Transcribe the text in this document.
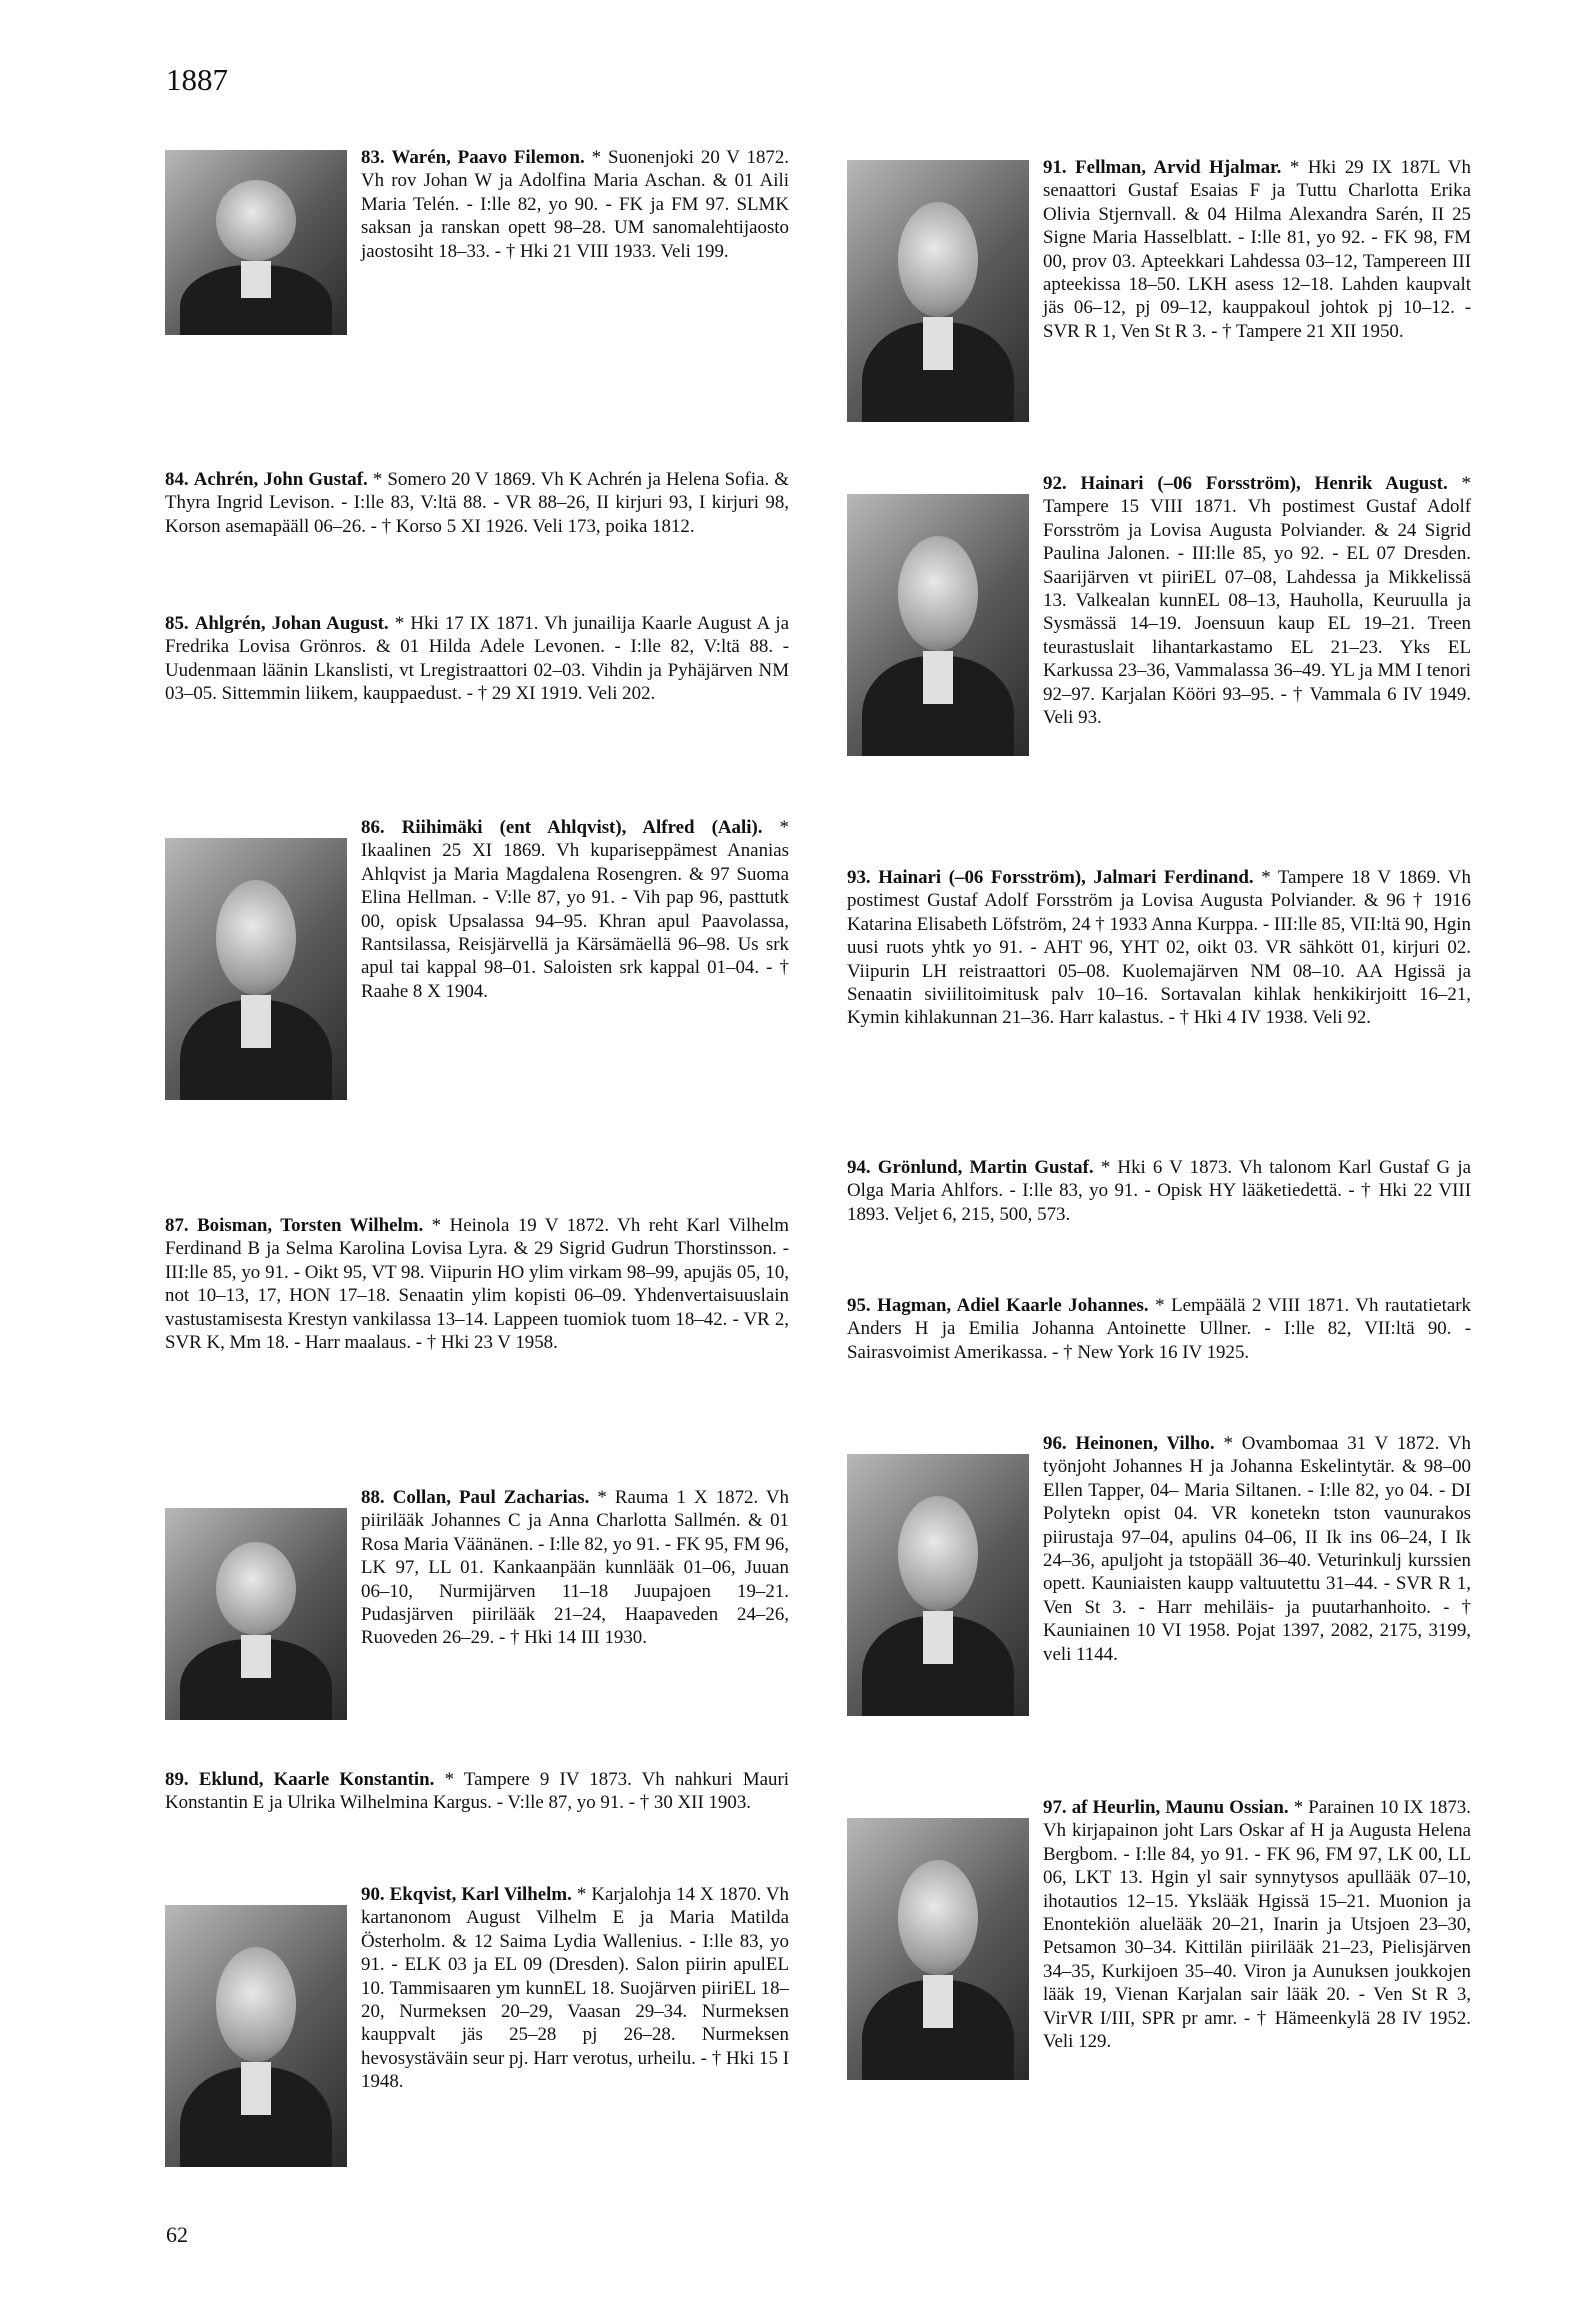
1887
83. Warén, Paavo Filemon. * Suonenjoki 20 V 1872. Vh rov Johan W ja Adolfina Maria Aschan. & 01 Aili Maria Telén. - I:lle 82, yo 90. - FK ja FM 97. SLMK saksan ja ranskan opett 98–28. UM sanomalehtijaosto jaostosiht 18–33. - † Hki 21 VIII 1933. Veli 199.
84. Achrén, John Gustaf. * Somero 20 V 1869. Vh K Achrén ja Helena Sofia. & Thyra Ingrid Levison. - I:lle 83, V:ltä 88. - VR 88–26, II kirjuri 93, I kirjuri 98, Korson asemapääll 06–26. - † Korso 5 XI 1926. Veli 173, poika 1812.
85. Ahlgrén, Johan August. * Hki 17 IX 1871. Vh junailija Kaarle August A ja Fredrika Lovisa Grönros. & 01 Hilda Adele Levonen. - I:lle 82, V:ltä 88. - Uudenmaan läänin Lkanslisti, vt Lregistraattori 02–03. Vihdin ja Pyhäjärven NM 03–05. Sittemmin liikem, kauppaedust. - † 29 XI 1919. Veli 202.
86. Riihimäki (ent Ahlqvist), Alfred (Aali). * Ikaalinen 25 XI 1869. Vh kupariseppämest Ananias Ahlqvist ja Maria Magdalena Rosengren. & 97 Suoma Elina Hellman. - V:lle 87, yo 91. - Vih pap 96, pasttutk 00, opisk Upsalassa 94–95. Khran apul Paavolassa, Rantsilassa, Reisjärvellä ja Kärsämäellä 96–98. Us srk apul tai kappal 98–01. Saloisten srk kappal 01–04. - † Raahe 8 X 1904.
87. Boisman, Torsten Wilhelm. * Heinola 19 V 1872. Vh reht Karl Vilhelm Ferdinand B ja Selma Karolina Lovisa Lyra. & 29 Sigrid Gudrun Thorstinsson. - III:lle 85, yo 91. - Oikt 95, VT 98. Viipurin HO ylim virkam 98–99, apujäs 05, 10, not 10–13, 17, HON 17–18. Senaatin ylim kopisti 06–09. Yhdenvertaisuuslain vastustamisesta Krestyn vankilassa 13–14. Lappeen tuomiok tuom 18–42. - VR 2, SVR K, Mm 18. - Harr maalaus. - † Hki 23 V 1958.
88. Collan, Paul Zacharias. * Rauma 1 X 1872. Vh piirilääk Johannes C ja Anna Charlotta Sallmén. & 01 Rosa Maria Väänänen. - I:lle 82, yo 91. - FK 95, FM 96, LK 97, LL 01. Kankaanpään kunnlääk 01–06, Juuan 06–10, Nurmijärven 11–18 Juupajoen 19–21. Pudasjärven piirilääk 21–24, Haapaveden 24–26, Ruoveden 26–29. - † Hki 14 III 1930.
89. Eklund, Kaarle Konstantin. * Tampere 9 IV 1873. Vh nahkuri Mauri Konstantin E ja Ulrika Wilhelmina Kargus. - V:lle 87, yo 91. - † 30 XII 1903.
90. Ekqvist, Karl Vilhelm. * Karjalohja 14 X 1870. Vh kartanonom August Vilhelm E ja Maria Matilda Österholm. & 12 Saima Lydia Wallenius. - I:lle 83, yo 91. - ELK 03 ja EL 09 (Dresden). Salon piirin apulEL 10. Tammisaaren ym kunnEL 18. Suojärven piiriEL 18–20, Nurmeksen 20–29, Vaasan 29–34. Nurmeksen kauppvalt jäs 25–28 pj 26–28. Nurmeksen hevosystäväin seur pj. Harr verotus, urheilu. - † Hki 15 I 1948.
91. Fellman, Arvid Hjalmar. * Hki 29 IX 187L Vh senaattori Gustaf Esaias F ja Tuttu Charlotta Erika Olivia Stjernvall. & 04 Hilma Alexandra Sarén, II 25 Signe Maria Hasselblatt. - I:lle 81, yo 92. - FK 98, FM 00, prov 03. Apteekkari Lahdessa 03–12, Tampereen III apteekissa 18–50. LKH asess 12–18. Lahden kaupvalt jäs 06–12, pj 09–12, kauppakoul johtok pj 10–12. - SVR R 1, Ven St R 3. - † Tampere 21 XII 1950.
92. Hainari (–06 Forsström), Henrik August. * Tampere 15 VIII 1871. Vh postimest Gustaf Adolf Forsström ja Lovisa Augusta Polviander. & 24 Sigrid Paulina Jalonen. - III:lle 85, yo 92. - EL 07 Dresden. Saarijärven vt piiriEL 07–08, Lahdessa ja Mikkelissä 13. Valkealan kunnEL 08–13, Hauholla, Keuruulla ja Sysmässä 14–19. Joensuun kaup EL 19–21. Treen teurastuslait lihantarkastamo EL 21–23. Yks EL Karkussa 23–36, Vammalassa 36–49. YL ja MM I tenori 92–97. Karjalan Kööri 93–95. - † Vammala 6 IV 1949. Veli 93.
93. Hainari (–06 Forsström), Jalmari Ferdinand. * Tampere 18 V 1869. Vh postimest Gustaf Adolf Forsström ja Lovisa Augusta Polviander. & 96 † 1916 Katarina Elisabeth Löfström, 24 † 1933 Anna Kurppa. - III:lle 85, VII:ltä 90, Hgin uusi ruots yhtk yo 91. - AHT 96, YHT 02, oikt 03. VR sähkött 01, kirjuri 02. Viipurin LH reistraattori 05–08. Kuolemajärven NM 08–10. AA Hgissä ja Senaatin siviilitoimitusk palv 10–16. Sortavalan kihlak henkikirjoitt 16–21, Kymin kihlakunnan 21–36. Harr kalastus. - † Hki 4 IV 1938. Veli 92.
94. Grönlund, Martin Gustaf. * Hki 6 V 1873. Vh talonom Karl Gustaf G ja Olga Maria Ahlfors. - I:lle 83, yo 91. - Opisk HY lääketiedettä. - † Hki 22 VIII 1893. Veljet 6, 215, 500, 573.
95. Hagman, Adiel Kaarle Johannes. * Lempäälä 2 VIII 1871. Vh rautatietark Anders H ja Emilia Johanna Antoinette Ullner. - I:lle 82, VII:ltä 90. - Sairasvoimist Amerikassa. - † New York 16 IV 1925.
96. Heinonen, Vilho. * Ovambomaa 31 V 1872. Vh työnjoht Johannes H ja Johanna Eskelintytär. & 98–00 Ellen Tapper, 04– Maria Siltanen. - I:lle 82, yo 04. - DI Polytekn opist 04. VR konetekn tston vaunurakos piirustaja 97–04, apulins 04–06, II Ik ins 06–24, I Ik 24–36, apuljoht ja tstopääll 36–40. Veturinkulj kurssien opett. Kauniaisten kaupp valtuutettu 31–44. - SVR R 1, Ven St 3. - Harr mehiläis- ja puutarhanhoito. - † Kauniainen 10 VI 1958. Pojat 1397, 2082, 2175, 3199, veli 1144.
97. af Heurlin, Maunu Ossian. * Parainen 10 IX 1873. Vh kirjapainon joht Lars Oskar af H ja Augusta Helena Bergbom. - I:lle 84, yo 91. - FK 96, FM 97, LK 00, LL 06, LKT 13. Hgin yl sair synnytysos apullääk 07–10, ihotautios 12–15. Ykslääk Hgissä 15–21. Muonion ja Enontekiön aluelääk 20–21, Inarin ja Utsjoen 23–30, Petsamon 30–34. Kittilän piirilääk 21–23, Pielisjärven 34–35, Kurkijoen 35–40. Viron ja Aunuksen joukkojen lääk 19, Vienan Karjalan sair lääk 20. - Ven St R 3, VirVR I/III, SPR pr amr. - † Hämeenkylä 28 IV 1952. Veli 129.
62
